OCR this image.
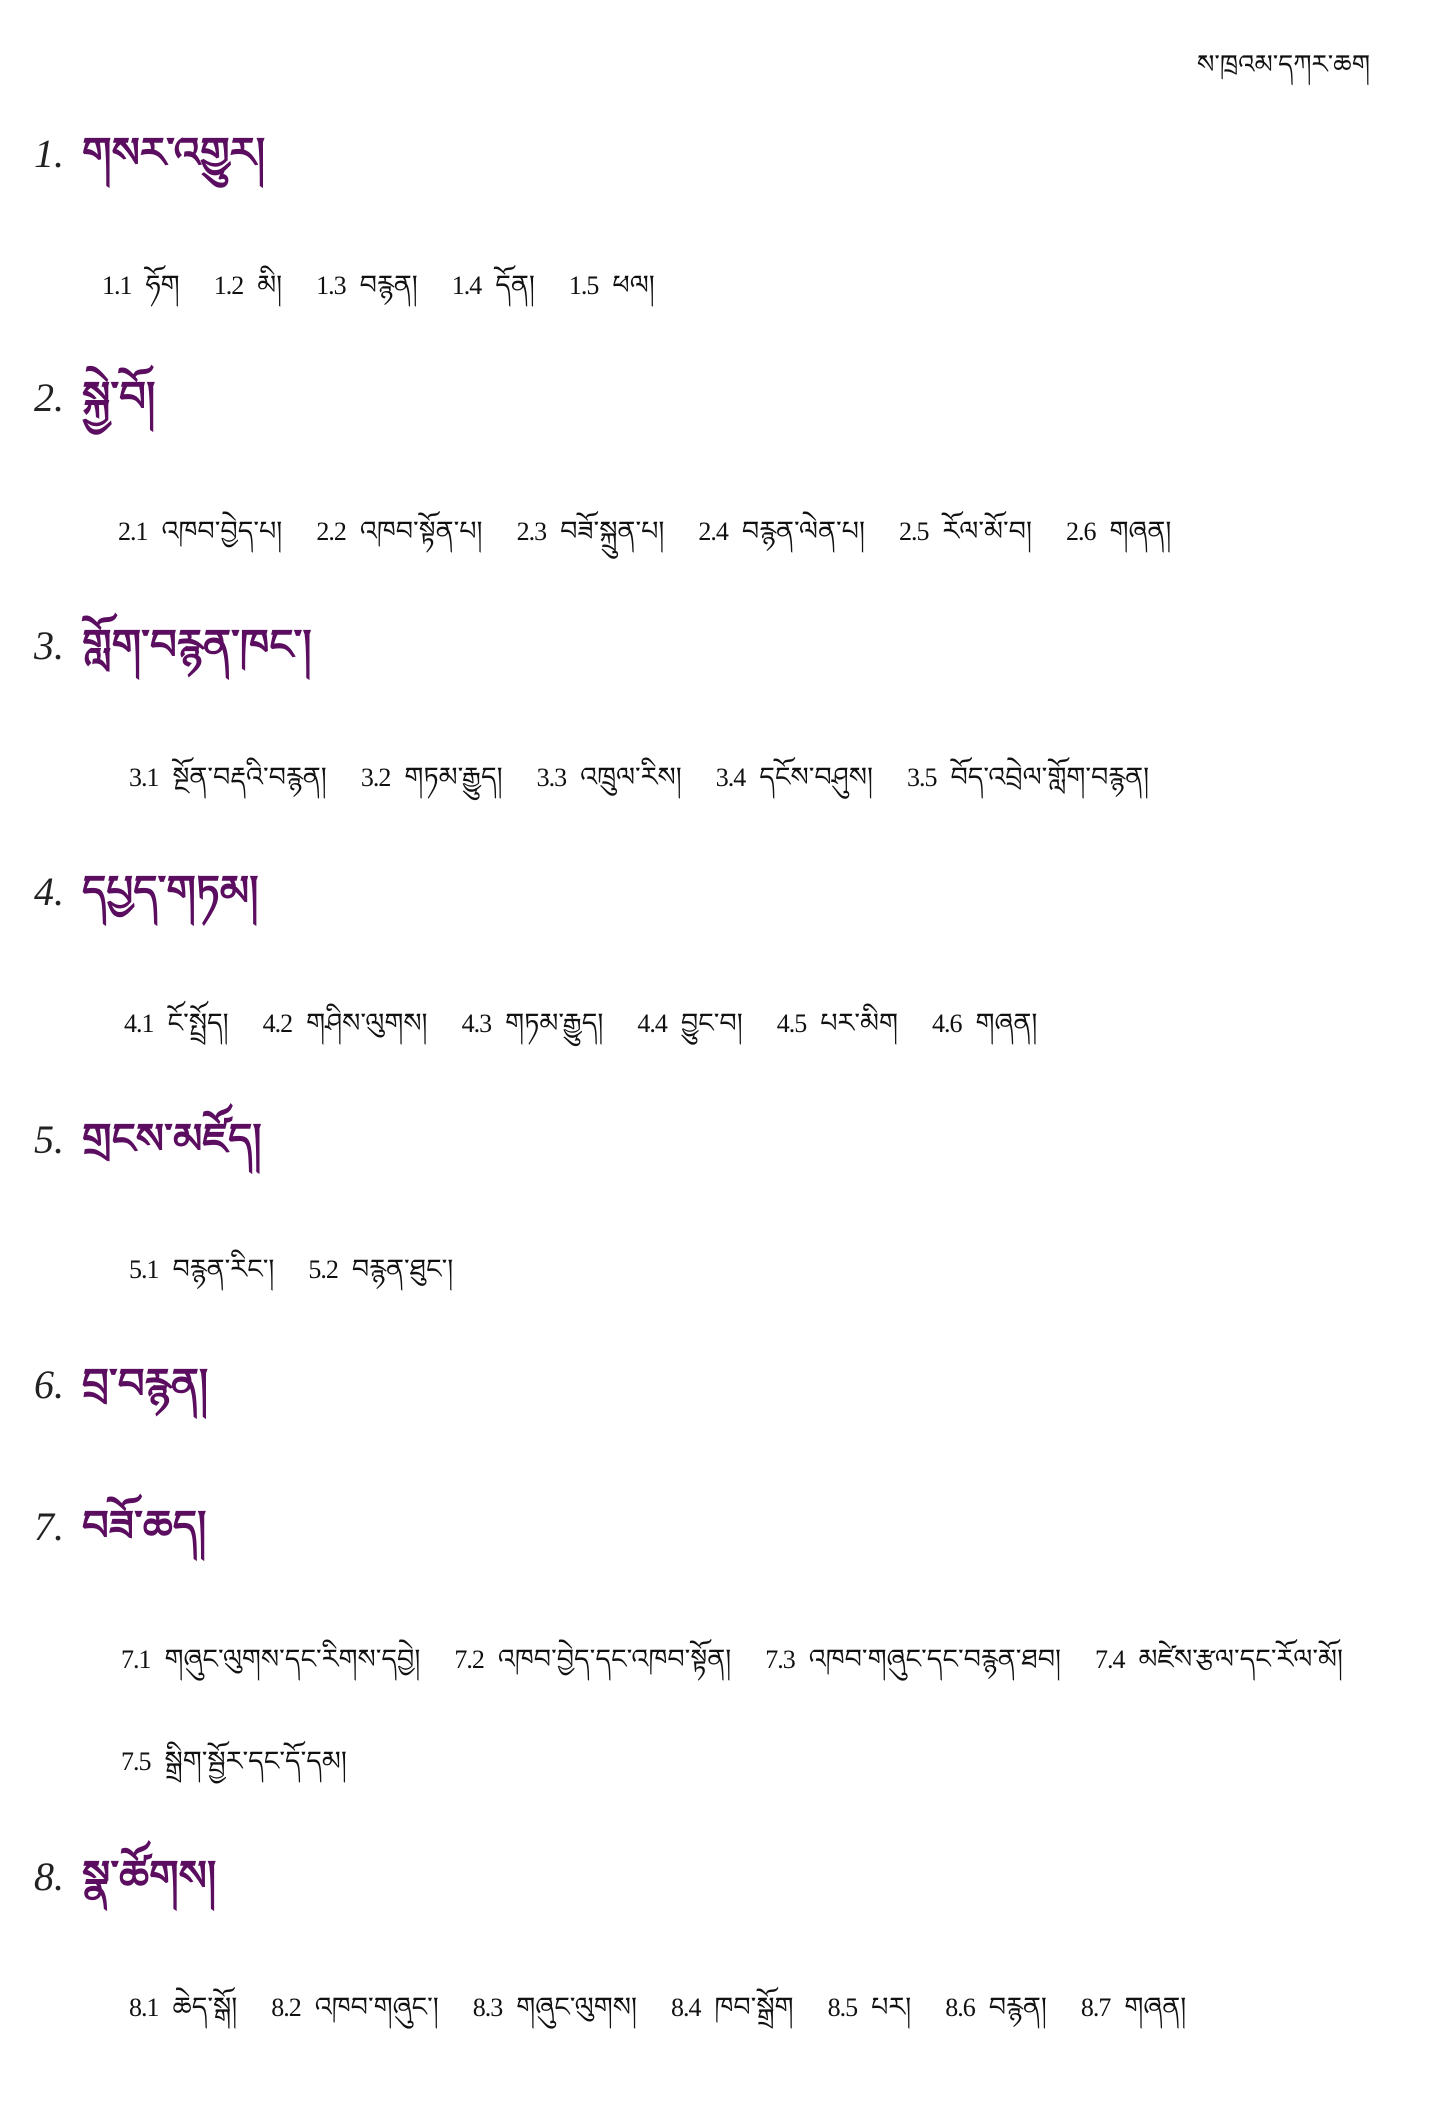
ས་ཁྲའམ་དཀར་ཆག
1. གསར་འགྱུར།
1.1 ཧོག 1.2 མི། 1.3 བརྙན། 1.4 དོན། 1.5 ཕལ།
2. སྐྱེ་བོ།
2.1 འཁབ་བྱེད་པ། 2.2 འཁབ་སྟོན་པ། 2.3 བཟོ་སྐྲུན་པ། 2.4 བརྙན་ལེན་པ། 2.5 རོལ་མོ་བ། 2.6 གཞན།
3. གློག་བརྙན་ཁང་།
3.1 སྔོན་བརྡའི་བརྙན། 3.2 གཏམ་རྒྱུད། 3.3 འཁྲུལ་རིས། 3.4 དངོས་བཤུས། 3.5 བོད་འབྲེལ་གློག་བརྙན།
4. དཔྱད་གཏམ།
4.1 ངོ་སྤྲོད། 4.2 གཤིས་ལུགས། 4.3 གཏམ་རྒྱུད། 4.4 བྱུང་བ། 4.5 པར་མིག 4.6 གཞན།
5. གྲངས་མཛོད།
5.1 བརྙན་རིང་། 5.2 བརྙན་ཐུང་།
6. བྲ་བརྙན།
7. བཟོ་ཆད།
7.1 གཞུང་ལུགས་དང་རིགས་དབྱེ། 7.2 འཁབ་བྱེད་དང་འཁབ་སྟོན། 7.3 འཁབ་གཞུང་དང་བརྙན་ཐབ། 7.4 མཛེས་རྩལ་དང་རོལ་མོ།
7.5 སྒྲིག་སྦྱོར་དང་དོ་དམ།
8. སྣ་ཚོགས།
8.1 ཆེད་སྒོ། 8.2 འཁབ་གཞུང་། 8.3 གཞུང་ལུགས། 8.4 ཁབ་སྒྲོག 8.5 པར། 8.6 བརྙན། 8.7 གཞན།
